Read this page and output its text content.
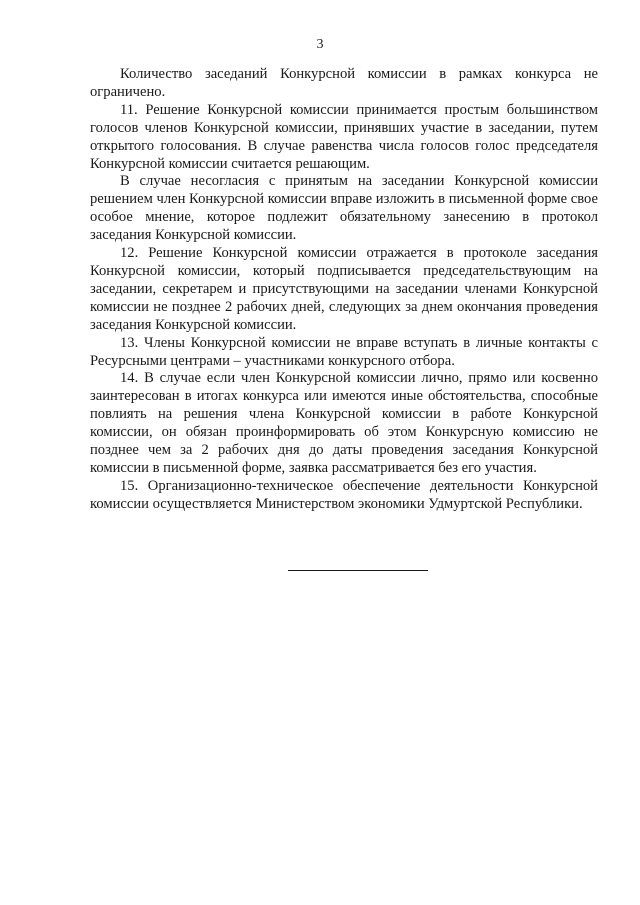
3

Количество заседаний Конкурсной комиссии в рамках конкурса не ограничено.

11. Решение Конкурсной комиссии принимается простым большинством голосов членов Конкурсной комиссии, принявших участие в заседании, путем открытого голосования. В случае равенства числа голосов голос председателя Конкурсной комиссии считается решающим.

В случае несогласия с принятым на заседании Конкурсной комиссии решением член Конкурсной комиссии вправе изложить в письменной форме свое особое мнение, которое подлежит обязательному занесению в протокол заседания Конкурсной комиссии.

12. Решение Конкурсной комиссии отражается в протоколе заседания Конкурсной комиссии, который подписывается председательствующим на заседании, секретарем и присутствующими на заседании членами Конкурсной комиссии не позднее 2 рабочих дней, следующих за днем окончания проведения заседания Конкурсной комиссии.

13. Члены Конкурсной комиссии не вправе вступать в личные контакты с Ресурсными центрами – участниками конкурсного отбора.

14. В случае если член Конкурсной комиссии лично, прямо или косвенно заинтересован в итогах конкурса или имеются иные обстоятельства, способные повлиять на решения члена Конкурсной комиссии в работе Конкурсной комиссии, он обязан проинформировать об этом Конкурсную комиссию не позднее чем за 2 рабочих дня до даты проведения заседания Конкурсной комиссии в письменной форме, заявка рассматривается без его участия.

15. Организационно-техническое обеспечение деятельности Конкурсной комиссии осуществляется Министерством экономики Удмуртской Республики.
